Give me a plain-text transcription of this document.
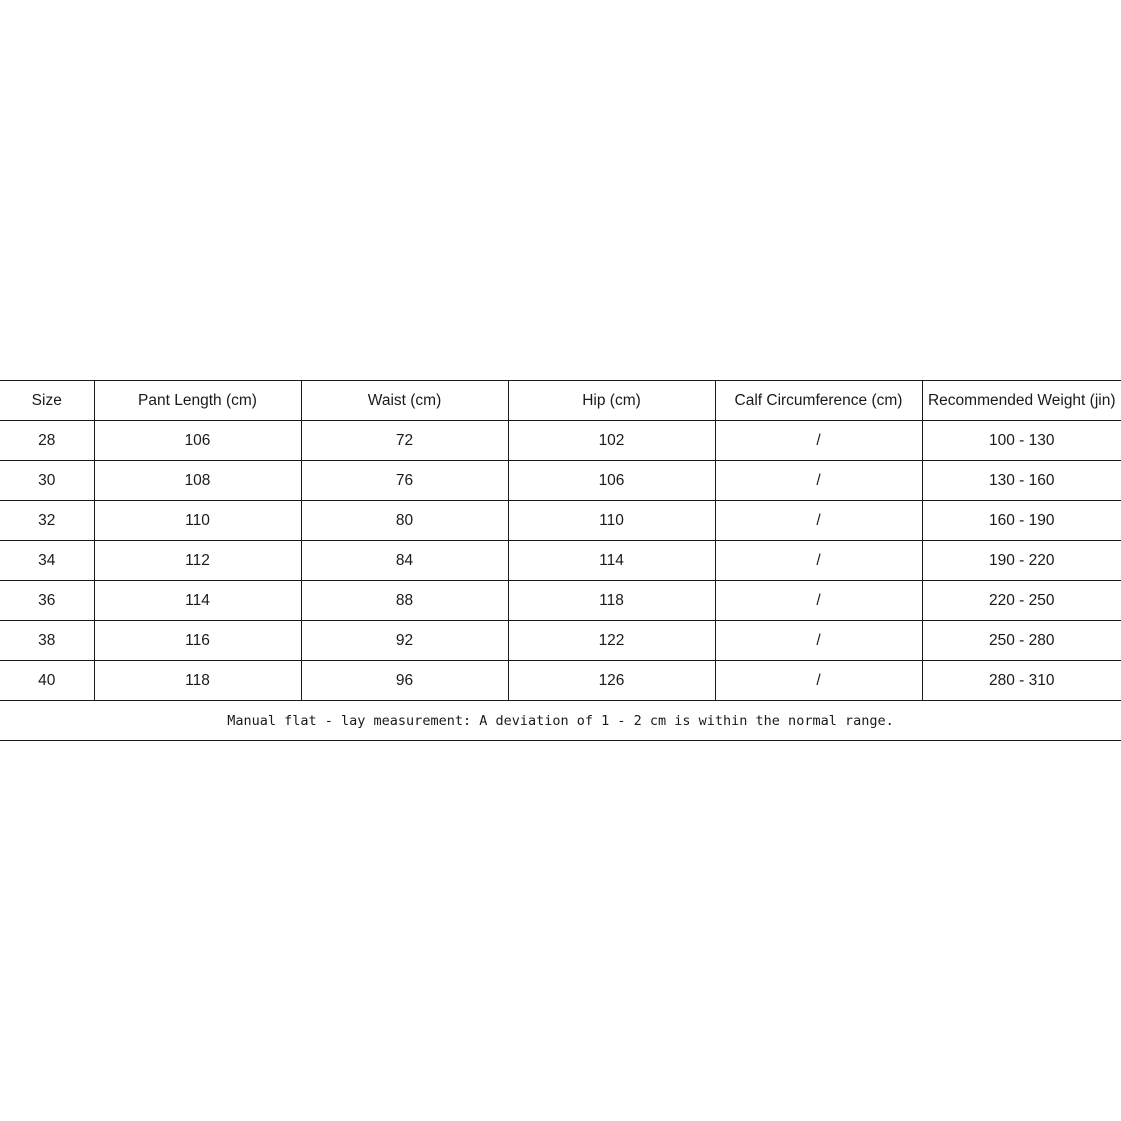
Size	Pant Length (cm)	Waist (cm)	Hip (cm)	Calf Circumference (cm)	Recommended Weight (jin)
28	106	72	102	/	100 - 130
30	108	76	106	/	130 - 160
32	110	80	110	/	160 - 190
34	112	84	114	/	190 - 220
36	114	88	118	/	220 - 250
38	116	92	122	/	250 - 280
40	118	96	126	/	280 - 310
Manual flat - lay measurement: A deviation of 1 - 2 cm is within the normal range.					
